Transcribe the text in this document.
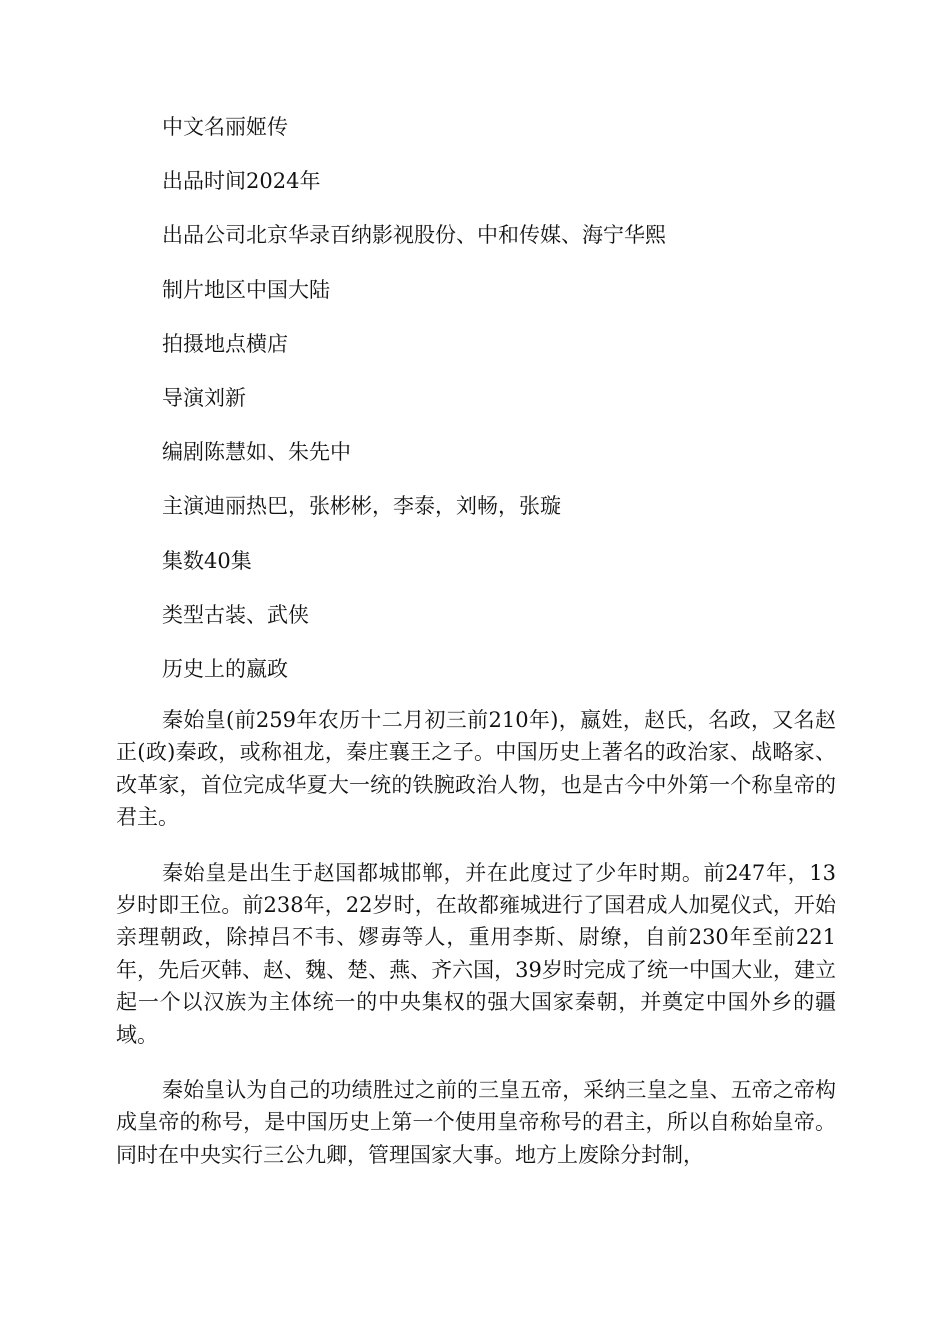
中文名丽姬传
出品时间2024年
出品公司北京华录百纳影视股份、中和传媒、海宁华熙
制片地区中国大陆
拍摄地点横店
导演刘新
编剧陈慧如、朱先中
主演迪丽热巴，张彬彬，李泰，刘畅，张璇
集数40集
类型古装、武侠
历史上的嬴政

秦始皇(前259年农历十二月初三前210年)，嬴姓，赵氏，名政，又名赵正(政)秦政，或称祖龙，秦庄襄王之子。中国历史上著名的政治家、战略家、改革家，首位完成华夏大一统的铁腕政治人物，也是古今中外第一个称皇帝的君主。

秦始皇是出生于赵国都城邯郸，并在此度过了少年时期。前247年，13岁时即王位。前238年，22岁时，在故都雍城进行了国君成人加冕仪式，开始亲理朝政，除掉吕不韦、嫪毐等人，重用李斯、尉缭，自前230年至前221年，先后灭韩、赵、魏、楚、燕、齐六国，39岁时完成了统一中国大业，建立起一个以汉族为主体统一的中央集权的强大国家秦朝，并奠定中国外乡的疆域。

秦始皇认为自己的功绩胜过之前的三皇五帝，采纳三皇之皇、五帝之帝构成皇帝的称号，是中国历史上第一个使用皇帝称号的君主，所以自称始皇帝。同时在中央实行三公九卿，管理国家大事。地方上废除分封制，
